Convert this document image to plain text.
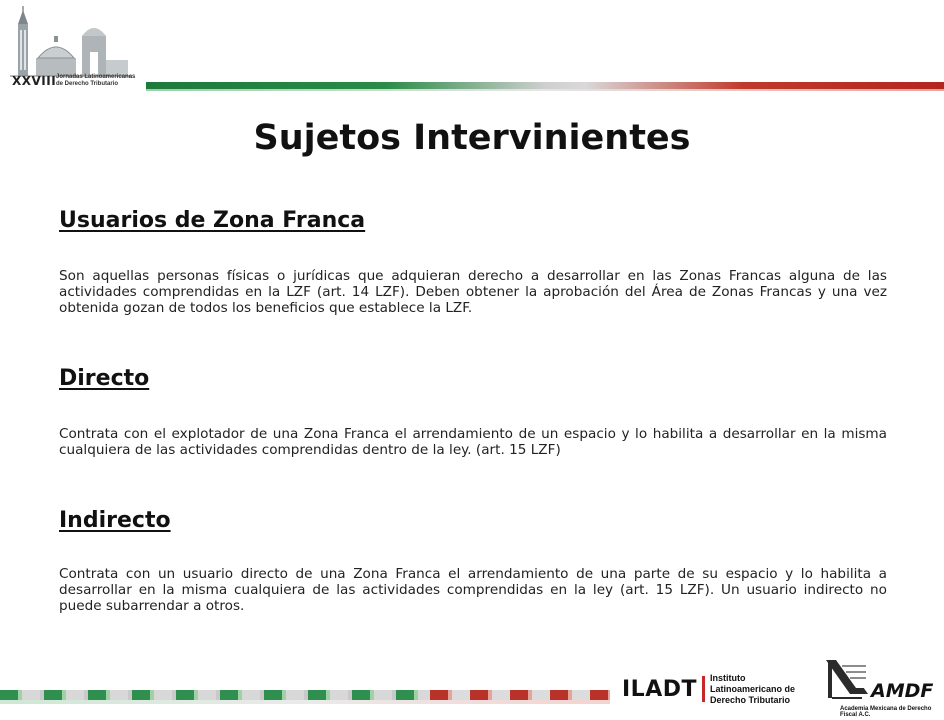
XXVIII Jornadas Latinoamericanas de Derecho Tributario
Sujetos Intervinientes
Usuarios de Zona Franca

Son aquellas personas físicas o jurídicas que adquieran derecho a desarrollar en las Zonas Francas alguna de las actividades comprendidas en la LZF (art. 14 LZF). Deben obtener la aprobación del Área de Zonas Francas y una vez obtenida gozan de todos los beneficios que establece la LZF.

Directo

Contrata con el explotador de una Zona Franca el arrendamiento de un espacio y lo habilita a desarrollar en la misma cualquiera de las actividades comprendidas dentro de la ley. (art. 15 LZF)

Indirecto

Contrata con un usuario directo de una Zona Franca el arrendamiento de una parte de su espacio y lo habilita a desarrollar en la misma cualquiera de las actividades comprendidas en la ley (art. 15 LZF). Un usuario indirecto no puede subarrendar a otros.

ILADT Instituto Latinoamericano de Derecho Tributario	AMDF
Academia Mexicana de Derecho Fiscal A.C.
